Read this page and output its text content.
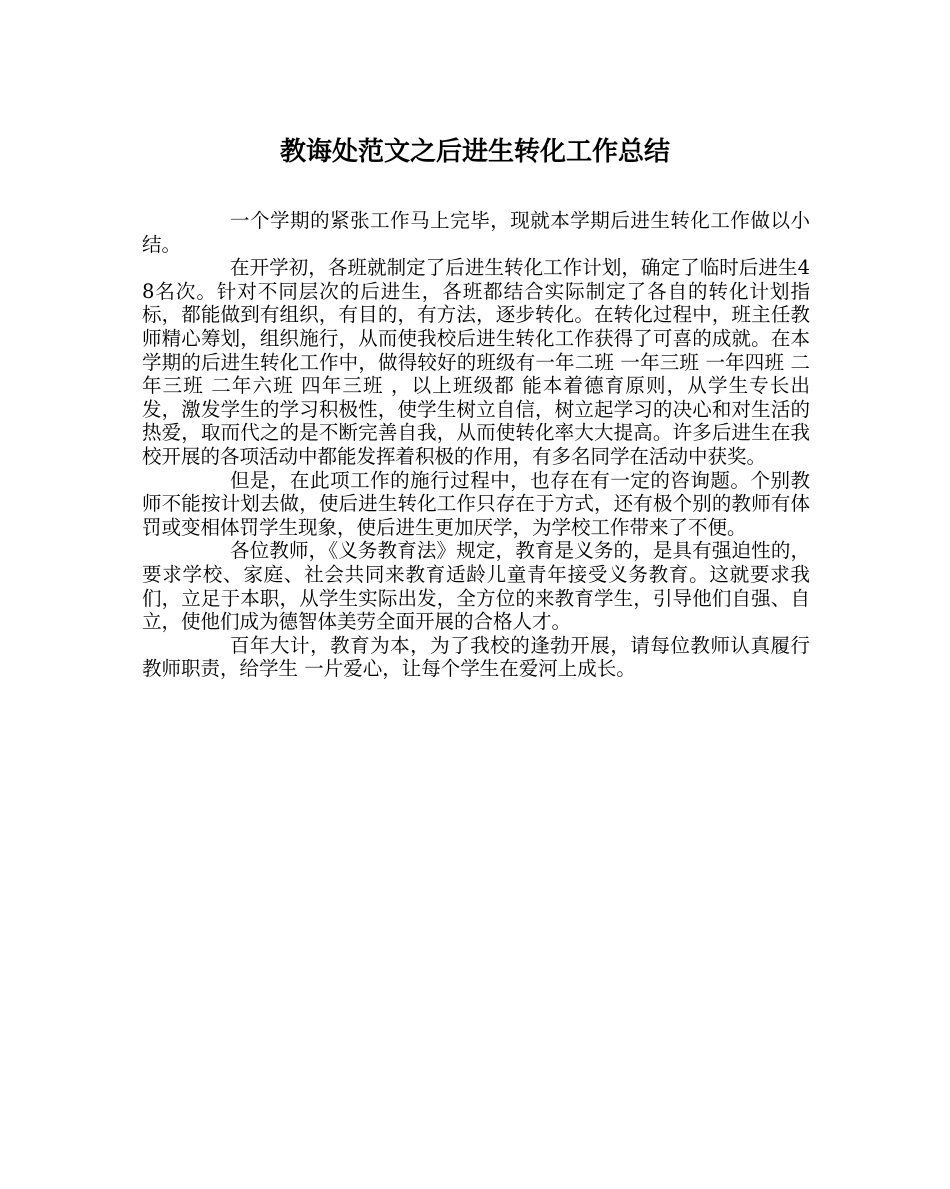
教诲处范文之后进生转化工作总结

一个学期的紧张工作马上完毕，现就本学期后进生转化工作做以小结。

在开学初，各班就制定了后进生转化工作计划，确定了临时后进生48名次。针对不同层次的后进生，各班都结合实际制定了各自的转化计划指标，都能做到有组织，有目的，有方法，逐步转化。在转化过程中，班主任教师精心筹划，组织施行，从而使我校后进生转化工作获得了可喜的成就。在本学期的后进生转化工作中，做得较好的班级有一年二班 一年三班 一年四班 二年三班 二年六班 四年三班 ，以上班级都 能本着德育原则，从学生专长出发，激发学生的学习积极性，使学生树立自信，树立起学习的决心和对生活的热爱，取而代之的是不断完善自我，从而使转化率大大提高。许多后进生在我校开展的各项活动中都能发挥着积极的作用，有多名同学在活动中获奖。

但是，在此项工作的施行过程中，也存在有一定的咨询题。个别教师不能按计划去做，使后进生转化工作只存在于方式，还有极个别的教师有体罚或变相体罚学生现象，使后进生更加厌学，为学校工作带来了不便。

各位教师，《义务教育法》规定，教育是义务的，是具有强迫性的，要求学校、家庭、社会共同来教育适龄儿童青年接受义务教育。这就要求我们，立足于本职，从学生实际出发，全方位的来教育学生，引导他们自强、自立，使他们成为德智体美劳全面开展的合格人才。

百年大计，教育为本，为了我校的逢勃开展，请每位教师认真履行教师职责，给学生 一片爱心，让每个学生在爱河上成长。
